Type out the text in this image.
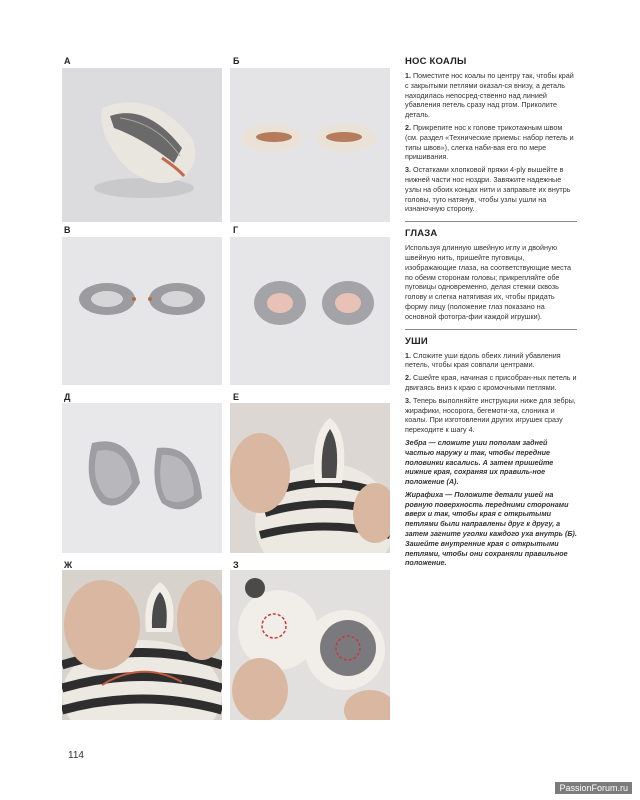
А	Б
В	Г
Д	Е
Ж	З
НОС КОАЛЫ

1. Поместите нос коалы по центру так, чтобы край с закрытыми петлями оказал-ся внизу, а деталь находилась непосред-ственно над линией убавления петель сразу над ртом. Приколите деталь.

2. Прикрепите нос к голове трикотажным швом (см. раздел «Технические приемы: набор петель и типы швов»), слегка наби-вая его по мере пришивания.

3. Остатками хлопковой пряжи 4-ply вышейте в нижней части нос ноздри. Завяжите надежные узлы на обоих концах нити и заправьте их внутрь головы, туго натянув, чтобы узлы ушли на изнаночную сторону.

ГЛАЗА

Используя длинную швейную иглу и двойную швейную нить, пришейте пуговицы, изображающие глаза, на соответствующие места по обеим сторонам головы; прикрепляйте обе пуговицы одновременно, делая стежки сквозь голову и слегка натягивая их, чтобы придать форму лицу (положение глаз показано на основной фотогра-фии каждой игрушки).

УШИ

1. Сложите уши вдоль обеих линий убавления петель, чтобы края совпали центрами.

2. Сшейте края, начиная с присобран-ных петель и двигаясь вниз к краю с кромочными петлями.

3. Теперь выполняйте инструкции ниже для зебры, жирафики, носорога, бегемоти-ха, слоника и коалы. При изготовлении других игрушек сразу переходите к шагу 4.

Зебра — сложите уши пополам задней частью наружу и так, чтобы передние половинки касались. А затем пришейте нижние края, сохраняя их правиль-ное положение (А).

Жирафиха — Положите детали ушей на ровную поверхность передними сторонами вверх и так, чтобы края с открытыми петлями были направлены друг к другу, а затем загните уголки каждого уха внутрь (Б). Зашейте внутренние края с открытыми петлями, чтобы они сохраняли правильное положение.

114
PassionForum.ru
